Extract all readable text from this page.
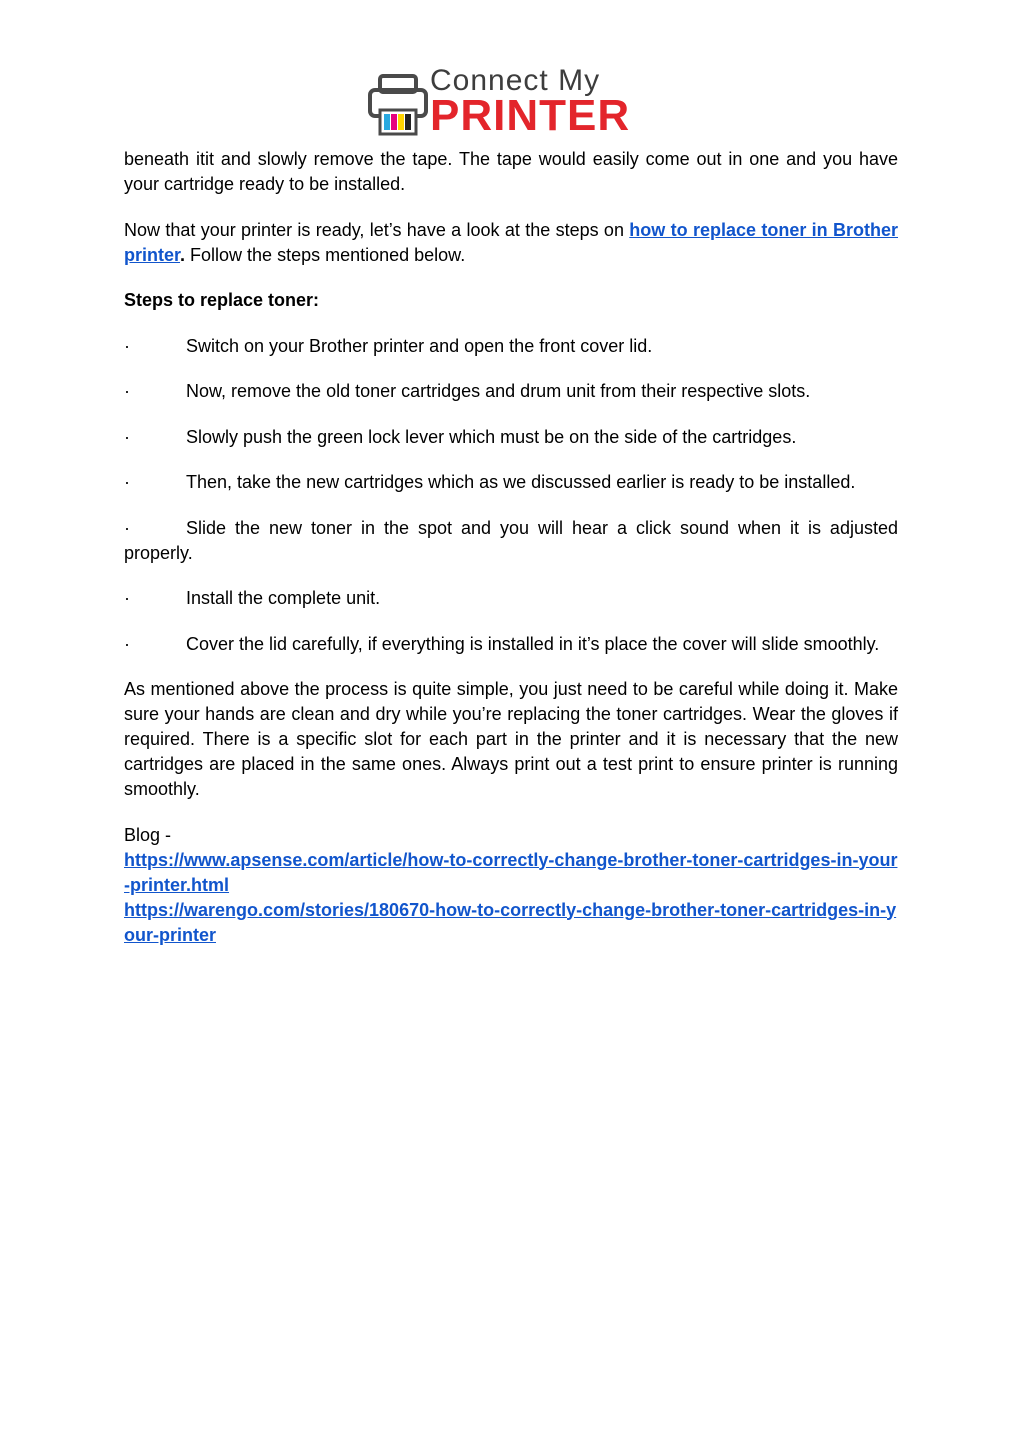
Connect My
PRINTER

beneath itit and slowly remove the tape. The tape would easily come out in one and you have your cartridge ready to be installed.

Now that your printer is ready, let’s have a look at the steps on how to replace toner in Brother printer. Follow the steps mentioned below.

Steps to replace toner:

·	Switch on your Brother printer and open the front cover lid.

·	Now, remove the old toner cartridges and drum unit from their respective slots.

·	Slowly push the green lock lever which must be on the side of the cartridges.

·	Then, take the new cartridges which as we discussed earlier is ready to be installed.

·	Slide the new toner in the spot and you will hear a click sound when it is adjusted properly.

·	Install the complete unit.

·	Cover the lid carefully, if everything is installed in it’s place the cover will slide smoothly.

As mentioned above the process is quite simple, you just need to be careful while doing it. Make sure your hands are clean and dry while you’re replacing the toner cartridges. Wear the gloves if required. There is a specific slot for each part in the printer and it is necessary that the new cartridges are placed in the same ones. Always print out a test print to ensure printer is running smoothly.

Blog -

https://www.apsense.com/article/how-to-correctly-change-brother-toner-cartridges-in-your-printer.html

https://warengo.com/stories/180670-how-to-correctly-change-brother-toner-cartridges-in-your-printer
